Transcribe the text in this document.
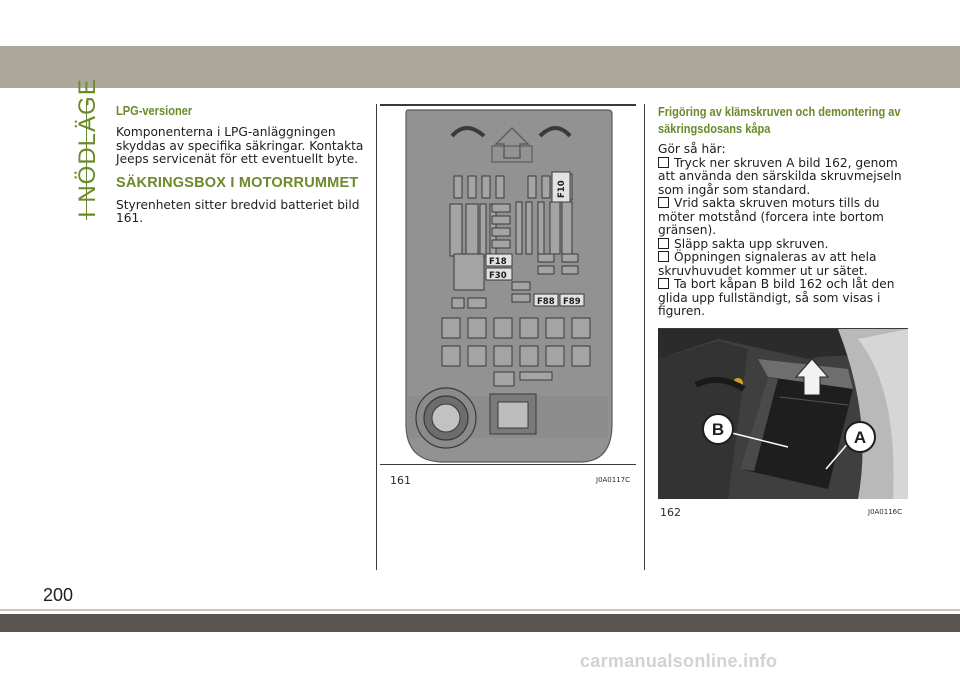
I NÖDLÄGE LPG-versioner

Komponenterna i LPG-anläggningen skyddas av specifika säkringar. Kontakta Jeeps servicenät för ett eventuellt byte.

SÄKRINGSBOX I MOTORRUMMET

Styrenheten sitter bredvid batteriet bild 161.

F10
F18
F30
F88 F89
161	J0A0117C
Frigöring av klämskruven och demontering av säkringsdosans kåpa
Gör så här:
Tryck ner skruven A bild 162, genom att använda den särskilda skruvmejseln som ingår som standard.
Vrid sakta skruven moturs tills du möter motstånd (forcera inte bortom gränsen).
Släpp sakta upp skruven.
Öppningen signaleras av att hela skruvhuvudet kommer ut ur sätet.
Ta bort kåpan B bild 162 och låt den glida upp fullständigt, så som visas i figuren.
B	A
162	J0A0116C
200
carmanualsonline.info
